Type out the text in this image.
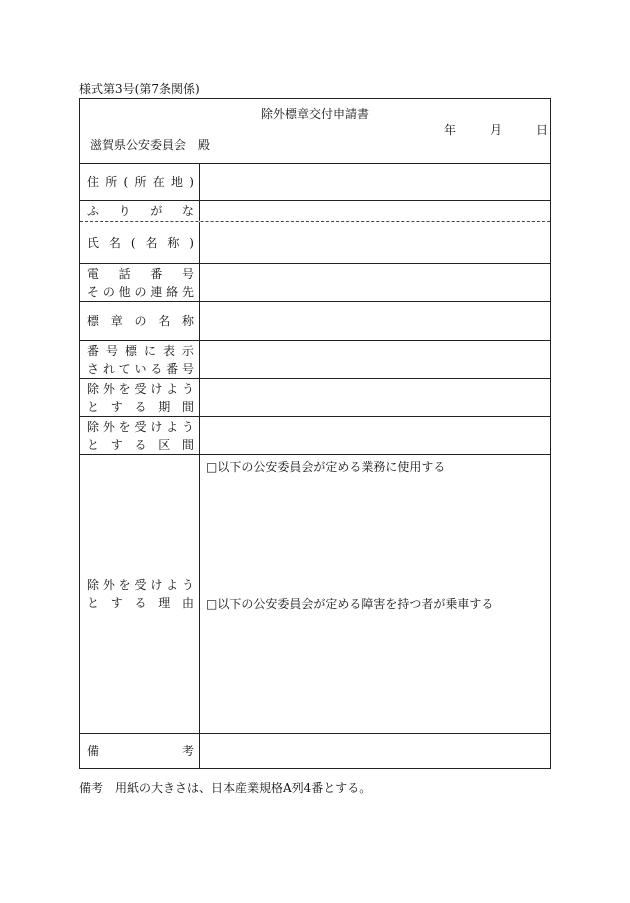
様式第3号(第7条関係)
除外標章交付申請書
年	月	日
滋賀県公安委員会　殿
住 所 ( 所 在 地 )
ふ り が な
氏 名 ( 名 称 )
電 話 番 号
そ の 他 の 連 絡 先
標 章 の 名 称
番 号 標 に 表 示
さ れ て い る 番 号
除 外 を 受 け よ う
と す る 期 間
除 外 を 受 け よ う
と す る 区 間
除 外 を 受 け よ う
と す る 理 由
□以下の公安委員会が定める業務に使用する
□以下の公安委員会が定める障害を持つ者が乗車する
備	考
備考　用紙の大きさは、日本産業規格A列4番とする。
